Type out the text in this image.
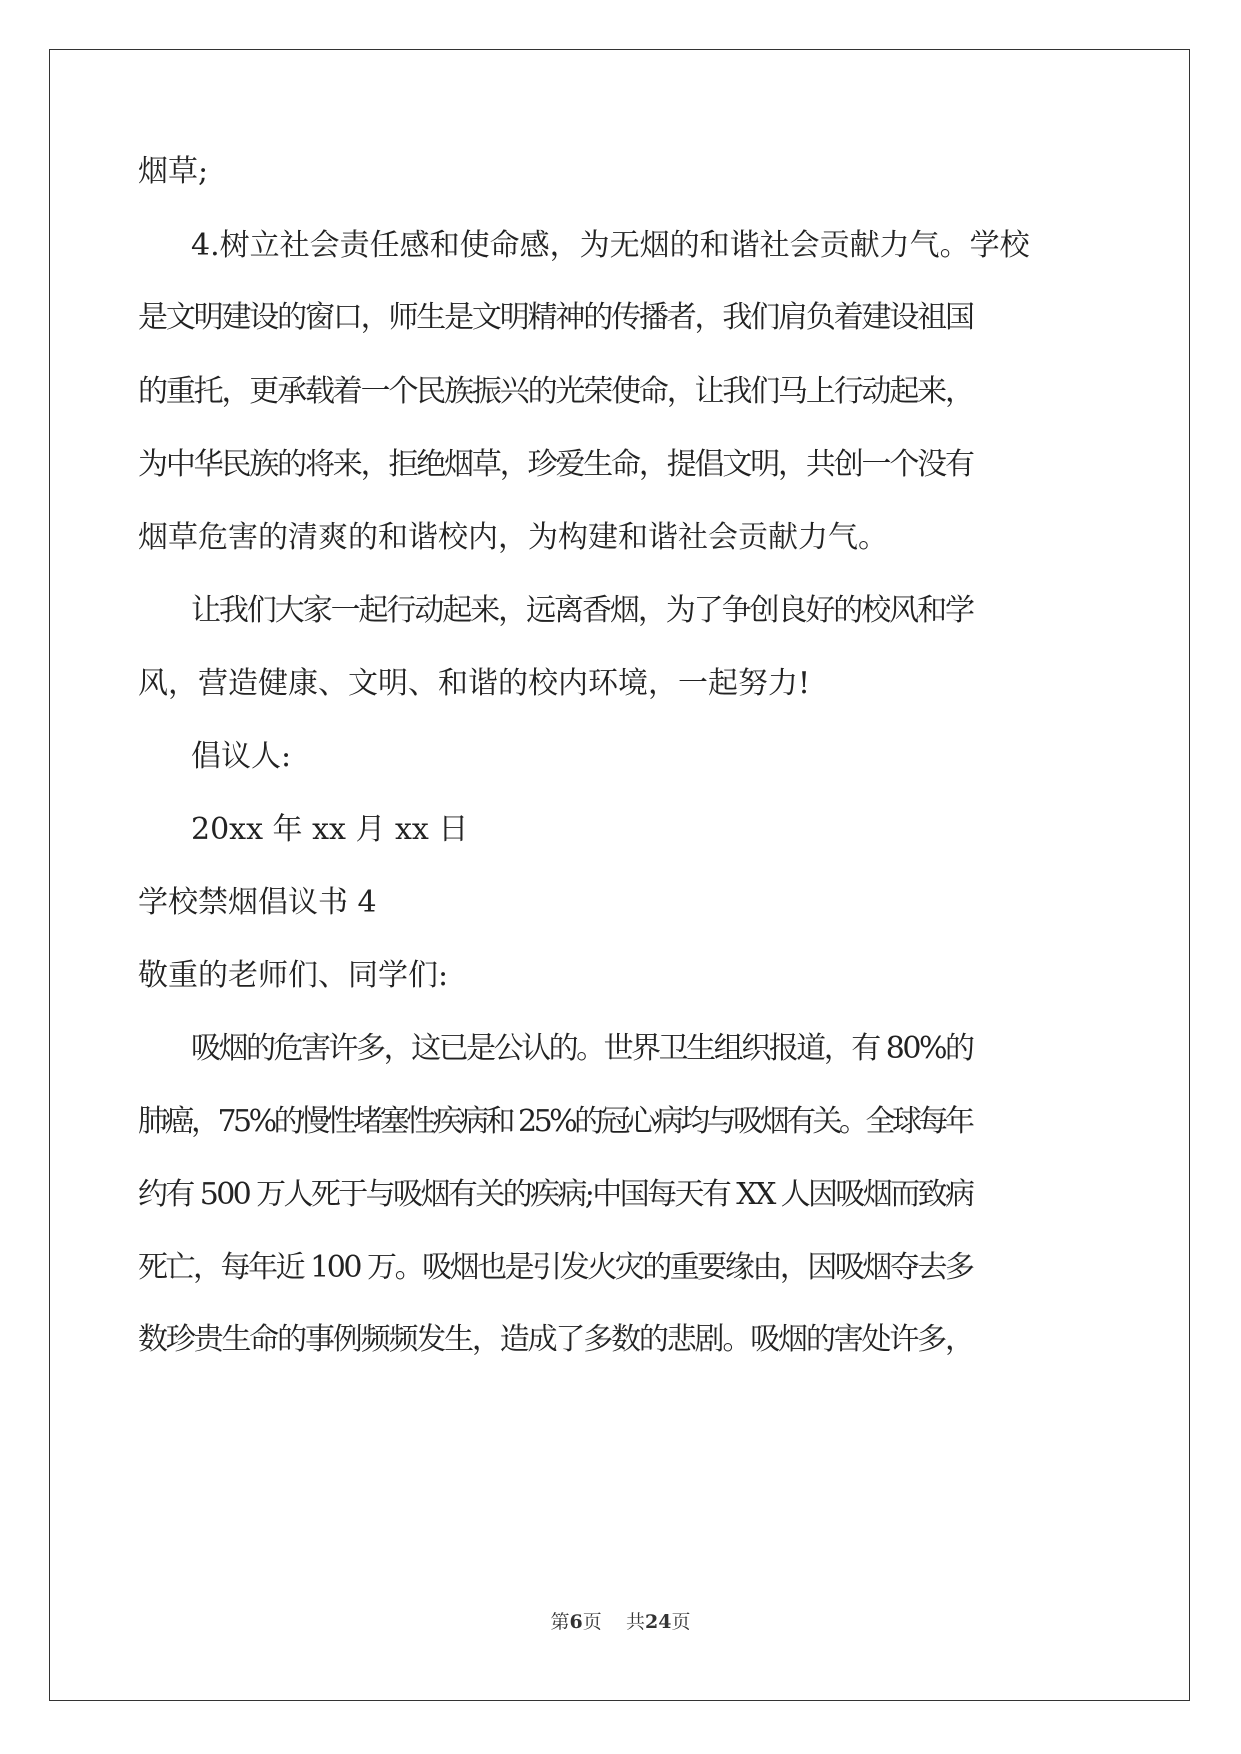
烟草;
4.树立社会责任感和使命感，为无烟的和谐社会贡献力气。学校
是文明建设的窗口，师生是文明精神的传播者，我们肩负着建设祖国
的重托，更承载着一个民族振兴的光荣使命，让我们马上行动起来，
为中华民族的将来，拒绝烟草，珍爱生命，提倡文明，共创一个没有
烟草危害的清爽的和谐校内，为构建和谐社会贡献力气。
让我们大家一起行动起来，远离香烟，为了争创良好的校风和学
风，营造健康、文明、和谐的校内环境，一起努力!
倡议人:
20xx 年 xx 月 xx 日
学校禁烟倡议书 4
敬重的老师们、同学们:
吸烟的危害许多，这已是公认的。世界卫生组织报道，有 80%的
肺癌，75%的慢性堵塞性疾病和 25%的冠心病均与吸烟有关。全球每年
约有 500 万人死于与吸烟有关的疾病;中国每天有 XX 人因吸烟而致病
死亡，每年近 100 万。吸烟也是引发火灾的重要缘由，因吸烟夺去多
数珍贵生命的事例频频发生，造成了多数的悲剧。吸烟的害处许多，
第6页 共24页
